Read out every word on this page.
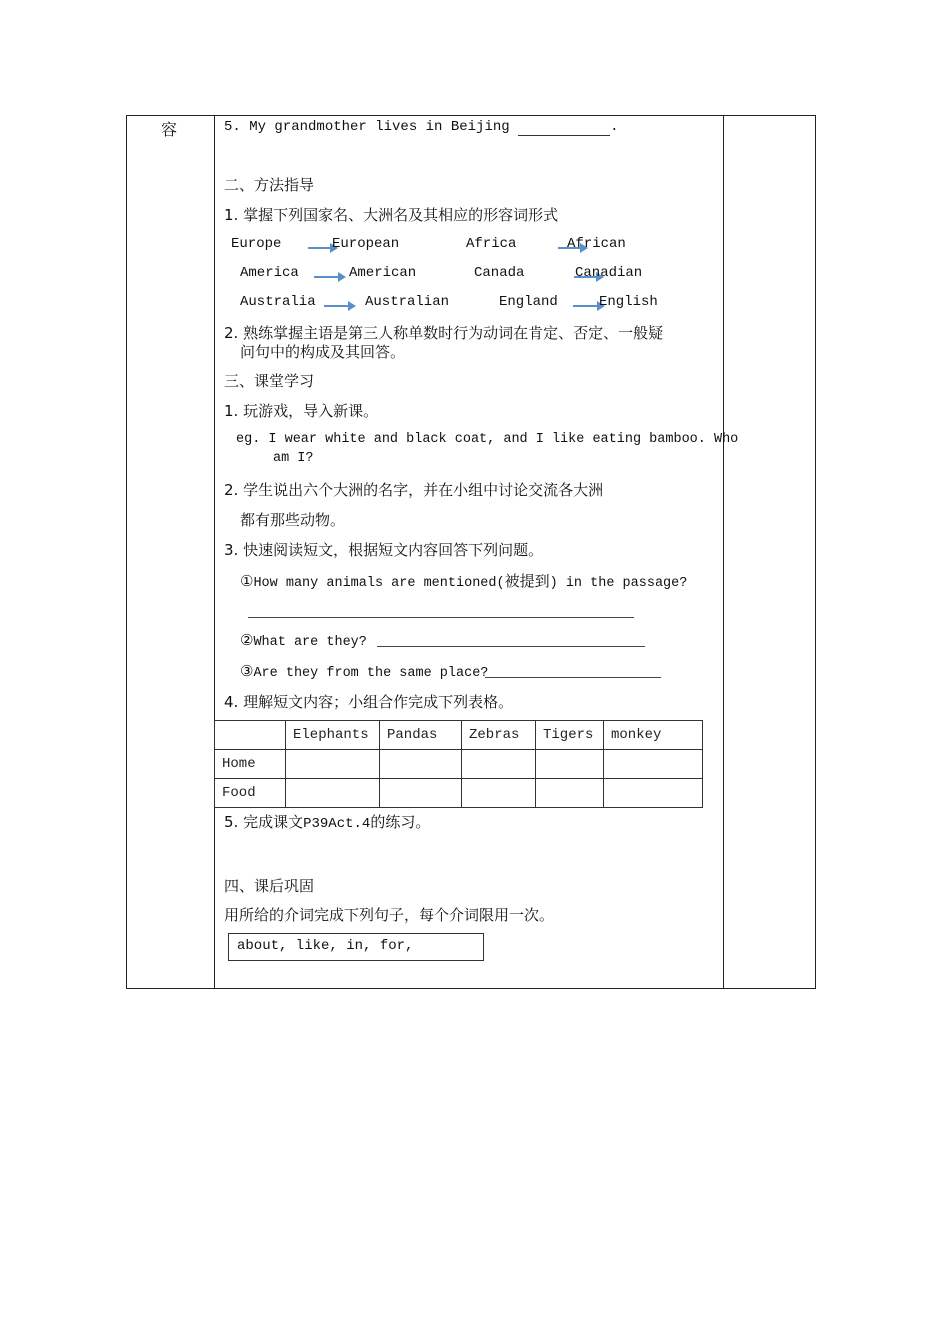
容	5. My grandmother lives in Beijing	.
二、方法指导
1. 掌握下列国家名、大洲名及其相应的形容词形式
Europe	European	Africa	African
America	American	Canada	Canadian
Australia	Australian	England	English
2. 熟练掌握主语是第三人称单数时行为动词在肯定、否定、一般疑
问句中的构成及其回答。
三、课堂学习
1. 玩游戏，导入新课。
eg. I wear white and black coat, and I like eating bamboo. Who
am I?
2. 学生说出六个大洲的名字，并在小组中讨论交流各大洲
都有那些动物。
3. 快速阅读短文，根据短文内容回答下列问题。
①How many animals are mentioned(被提到) in the passage?
②What are they?
③Are they from the same place?
4. 理解短文内容；小组合作完成下列表格。
	Elephants	Pandas	Zebras	Tigers	monkey
Home					
Food					
5. 完成课文P39Act.4的练习。
四、课后巩固
用所给的介词完成下列句子，每个介词限用一次。
about, like, in, for,
